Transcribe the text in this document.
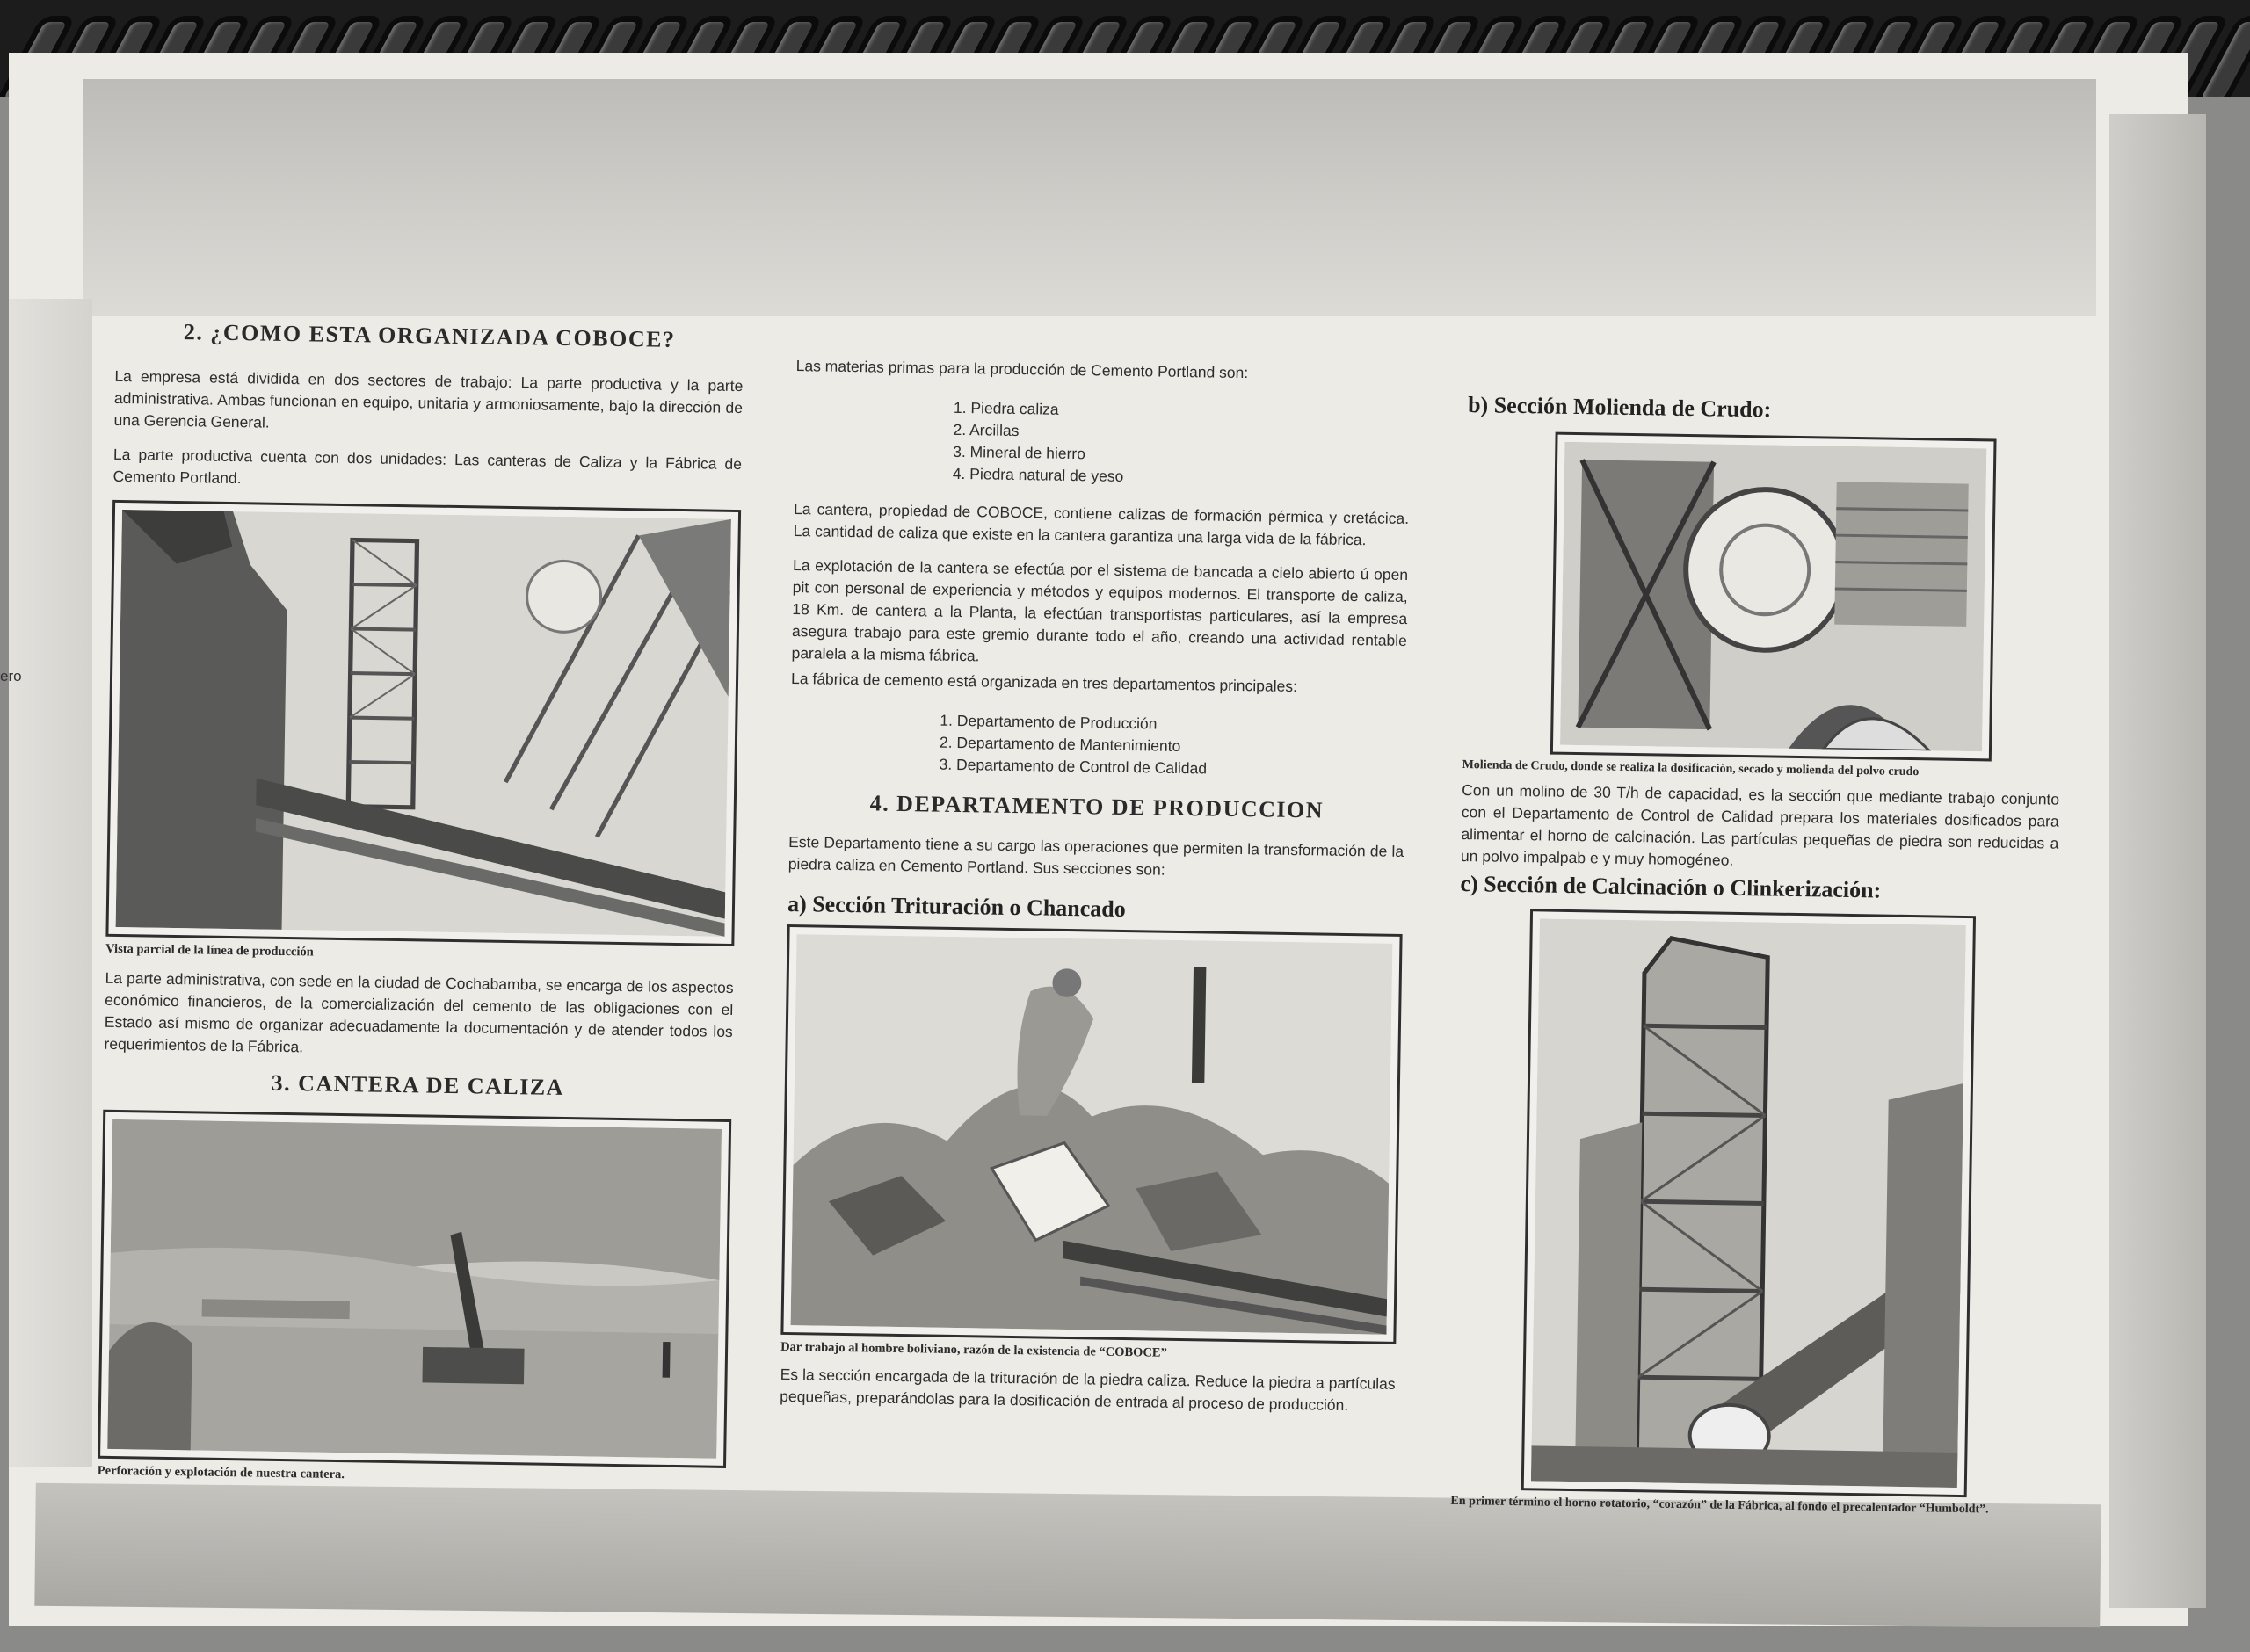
ero
2. ¿COMO ESTA ORGANIZADA COBOCE?

La empresa está dividida en dos sectores de trabajo: La parte productiva y la parte administrativa. Ambas funcionan en equipo, unitaria y armoniosamente, bajo la dirección de una Gerencia General.

La parte productiva cuenta con dos unidades: Las canteras de Caliza y la Fábrica de Cemento Portland.

Vista parcial de la línea de producción

La parte administrativa, con sede en la ciudad de Cochabamba, se encarga de los aspectos económico financieros, de la comercialización del cemento de las obligaciones con el Estado así mismo de organizar adecuadamente la documentación y de atender todos los requerimientos de la Fábrica.

3. CANTERA DE CALIZA

Perforación y explotación de nuestra cantera.

Las materias primas para la producción de Cemento Portland son:

1. Piedra caliza
2. Arcillas
3. Mineral de hierro
4. Piedra natural de yeso

La cantera, propiedad de COBOCE, contiene calizas de formación pérmica y cretácica. La cantidad de caliza que existe en la cantera garantiza una larga vida de la fábrica.

La explotación de la cantera se efectúa por el sistema de bancada a cielo abierto ú open pit con personal de experiencia y métodos y equipos modernos. El transporte de caliza, 18 Km. de cantera a la Planta, la efectúan transportistas particulares, así la empresa asegura trabajo para este gremio durante todo el año, creando una actividad rentable paralela a la misma fábrica.

La fábrica de cemento está organizada en tres departamentos principales:

1. Departamento de Producción
2. Departamento de Mantenimiento
3. Departamento de Control de Calidad
4. DEPARTAMENTO DE PRODUCCION

Este Departamento tiene a su cargo las operaciones que permiten la transformación de la piedra caliza en Cemento Portland. Sus secciones son:

a) Sección Trituración o Chancado

Dar trabajo al hombre boliviano, razón de la existencia de “COBOCE”

Es la sección encargada de la trituración de la piedra caliza. Reduce la piedra a partículas pequeñas, preparándolas para la dosificación de entrada al proceso de producción.

b) Sección Molienda de Crudo:

Molienda de Crudo, donde se realiza la dosificación, secado y molienda del polvo crudo

Con un molino de 30 T/h de capacidad, es la sección que mediante trabajo conjunto con el Departamento de Control de Calidad prepara los materiales dosificados para alimentar el horno de calcinación. Las partículas pequeñas de piedra son reducidas a un polvo impalpab e y muy homogéneo.

c) Sección de Calcinación o Clinkerización:

En primer término el horno rotatorio, “corazón” de la Fábrica, al fondo el precalentador “Humboldt”.
